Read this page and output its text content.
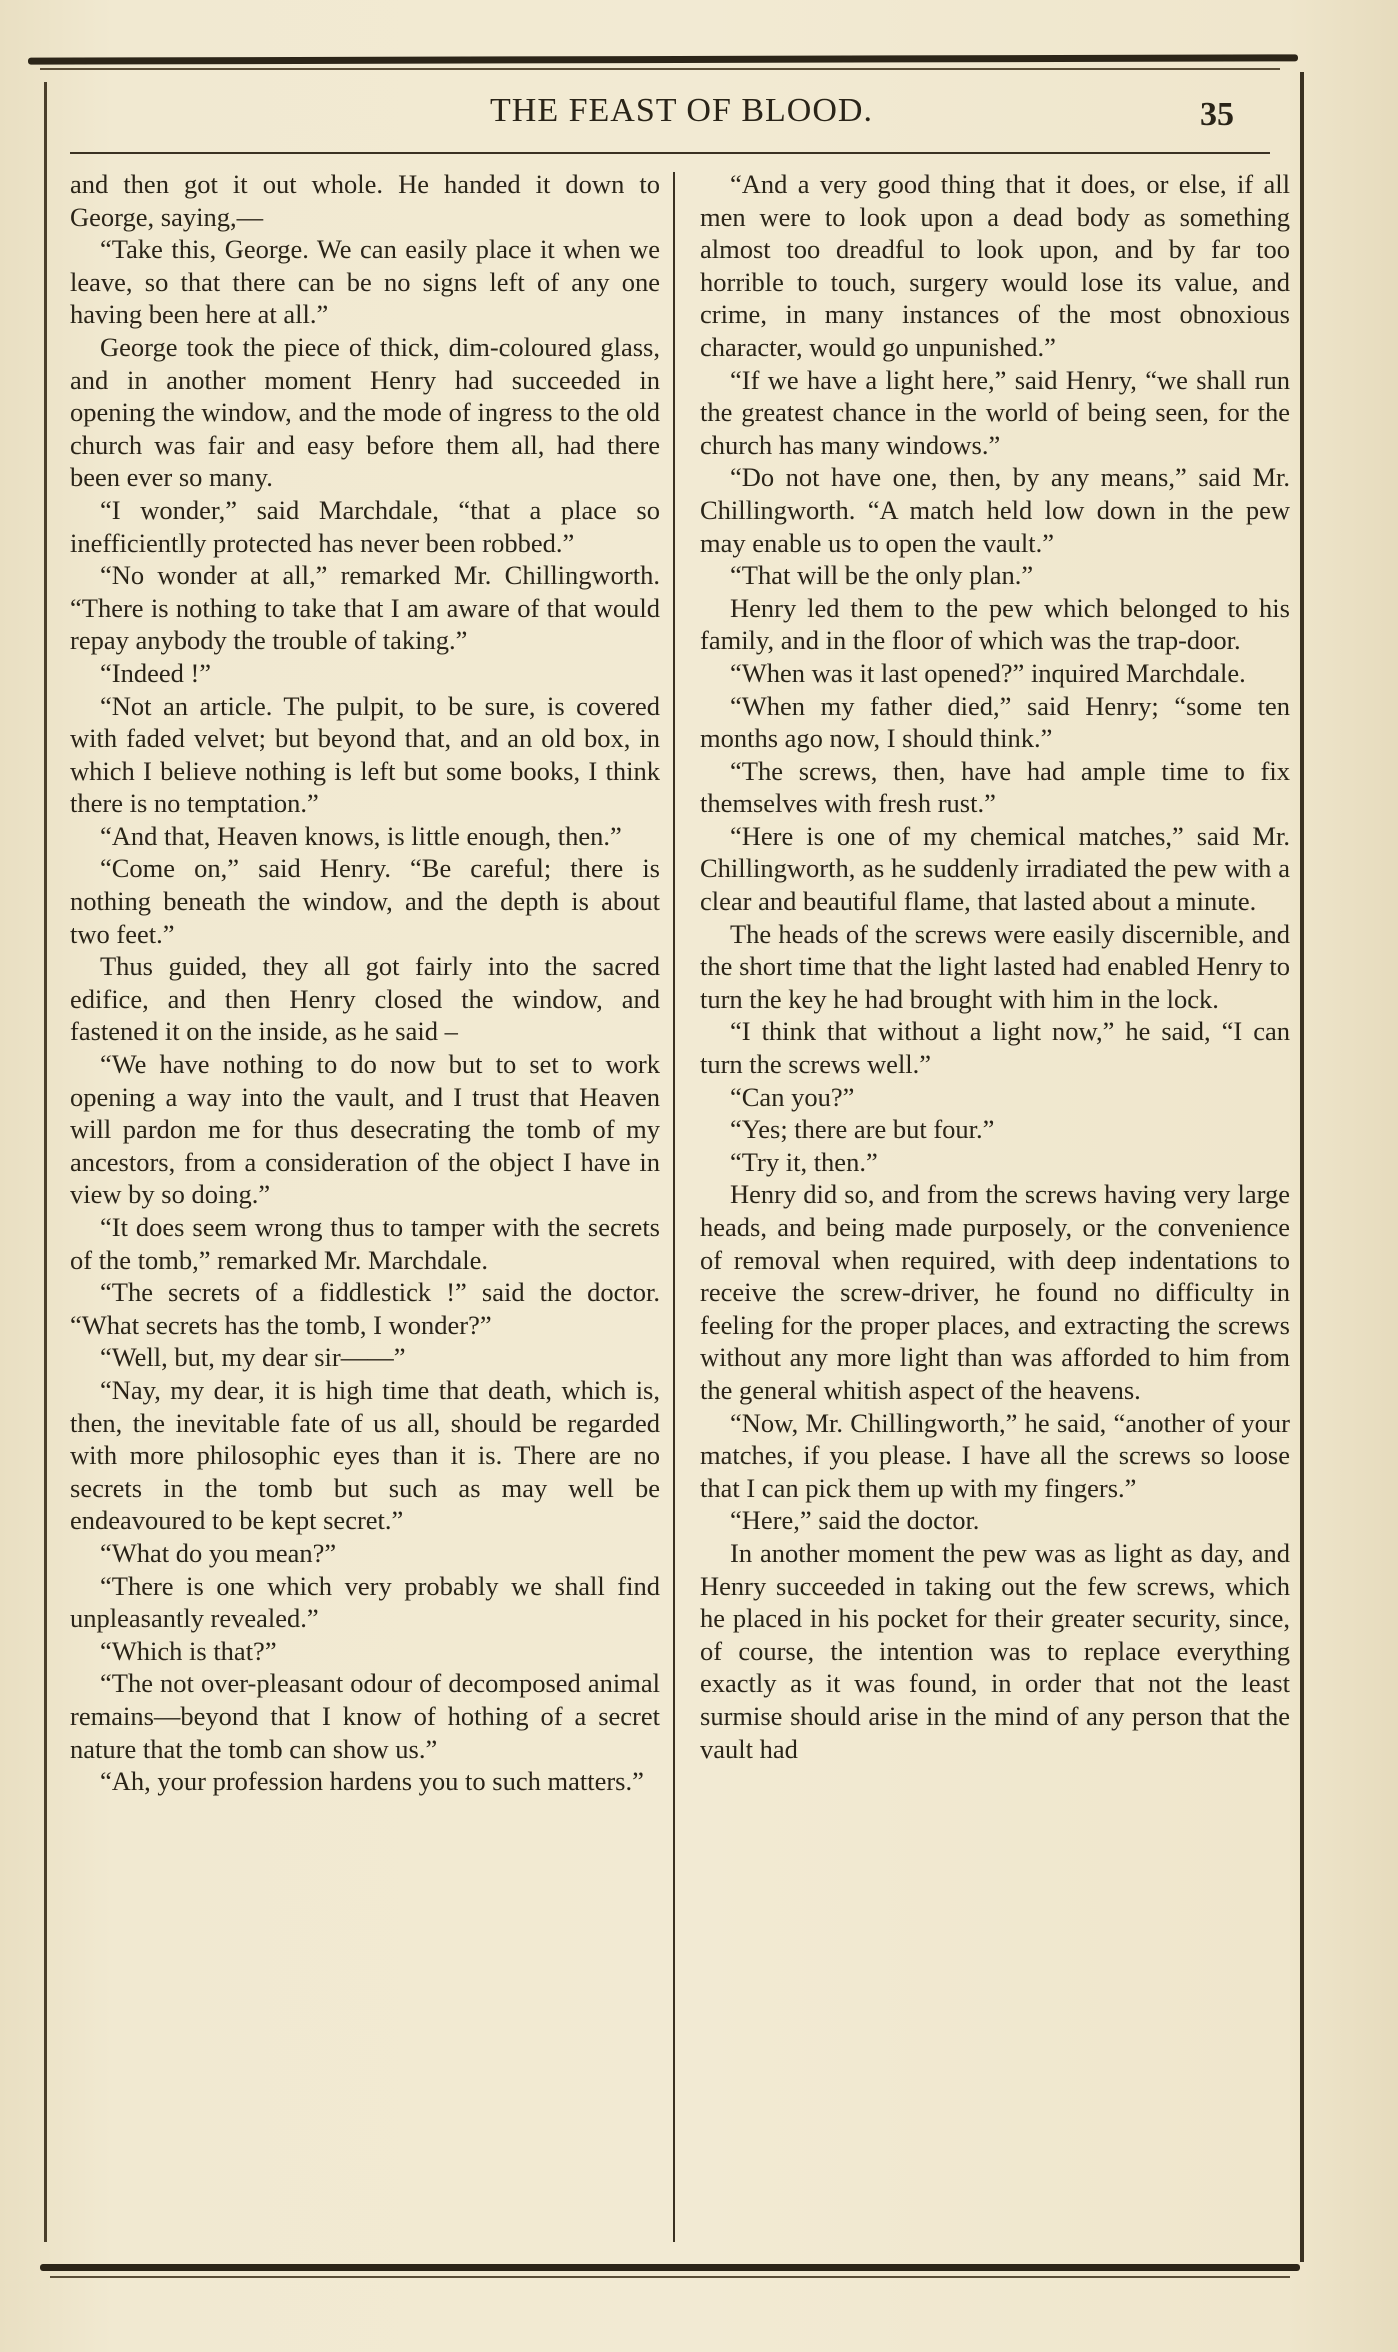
THE FEAST OF BLOOD.	35

and then got it out whole. He handed it down to George, saying,—

“Take this, George. We can easily place it when we leave, so that there can be no signs left of any one having been here at all.”

George took the piece of thick, dim-coloured glass, and in another moment Henry had succeeded in opening the window, and the mode of ingress to the old church was fair and easy before them all, had there been ever so many.

“I wonder,” said Marchdale, “that a place so inefficientlly protected has never been robbed.”

“No wonder at all,” remarked Mr. Chillingworth. “There is nothing to take that I am aware of that would repay anybody the trouble of taking.”

“Indeed !”

“Not an article. The pulpit, to be sure, is covered with faded velvet; but beyond that, and an old box, in which I believe nothing is left but some books, I think there is no temptation.”

“And that, Heaven knows, is little enough, then.”

“Come on,” said Henry. “Be careful; there is nothing beneath the window, and the depth is about two feet.”

Thus guided, they all got fairly into the sacred edifice, and then Henry closed the window, and fastened it on the inside, as he said –

“We have nothing to do now but to set to work opening a way into the vault, and I trust that Heaven will pardon me for thus desecrating the tomb of my ancestors, from a consideration of the object I have in view by so doing.”

“It does seem wrong thus to tamper with the secrets of the tomb,” remarked Mr. Marchdale.

“The secrets of a fiddlestick !” said the doctor. “What secrets has the tomb, I wonder?”

“Well, but, my dear sir——”

“Nay, my dear, it is high time that death, which is, then, the inevitable fate of us all, should be regarded with more philosophic eyes than it is. There are no secrets in the tomb but such as may well be endeavoured to be kept secret.”

“What do you mean?”

“There is one which very probably we shall find unpleasantly revealed.”

“Which is that?”

“The not over-pleasant odour of decomposed animal remains—beyond that I know of hothing of a secret nature that the tomb can show us.”

“Ah, your profession hardens you to such matters.”

“And a very good thing that it does, or else, if all men were to look upon a dead body as something almost too dreadful to look upon, and by far too horrible to touch, surgery would lose its value, and crime, in many instances of the most obnoxious character, would go unpunished.”

“If we have a light here,” said Henry, “we shall run the greatest chance in the world of being seen, for the church has many windows.”

“Do not have one, then, by any means,” said Mr. Chillingworth. “A match held low down in the pew may enable us to open the vault.”

“That will be the only plan.”

Henry led them to the pew which belonged to his family, and in the floor of which was the trap-door.

“When was it last opened?” inquired Marchdale.

“When my father died,” said Henry; “some ten months ago now, I should think.”

“The screws, then, have had ample time to fix themselves with fresh rust.”

“Here is one of my chemical matches,” said Mr. Chillingworth, as he suddenly irradiated the pew with a clear and beautiful flame, that lasted about a minute.

The heads of the screws were easily discernible, and the short time that the light lasted had enabled Henry to turn the key he had brought with him in the lock.

“I think that without a light now,” he said, “I can turn the screws well.”

“Can you?”

“Yes; there are but four.”

“Try it, then.”

Henry did so, and from the screws having very large heads, and being made purposely, or the convenience of removal when required, with deep indentations to receive the screw-driver, he found no difficulty in feeling for the proper places, and extracting the screws without any more light than was afforded to him from the general whitish aspect of the heavens.

“Now, Mr. Chillingworth,” he said, “another of your matches, if you please. I have all the screws so loose that I can pick them up with my fingers.”

“Here,” said the doctor.

In another moment the pew was as light as day, and Henry succeeded in taking out the few screws, which he placed in his pocket for their greater security, since, of course, the intention was to replace everything exactly as it was found, in order that not the least surmise should arise in the mind of any person that the vault had
